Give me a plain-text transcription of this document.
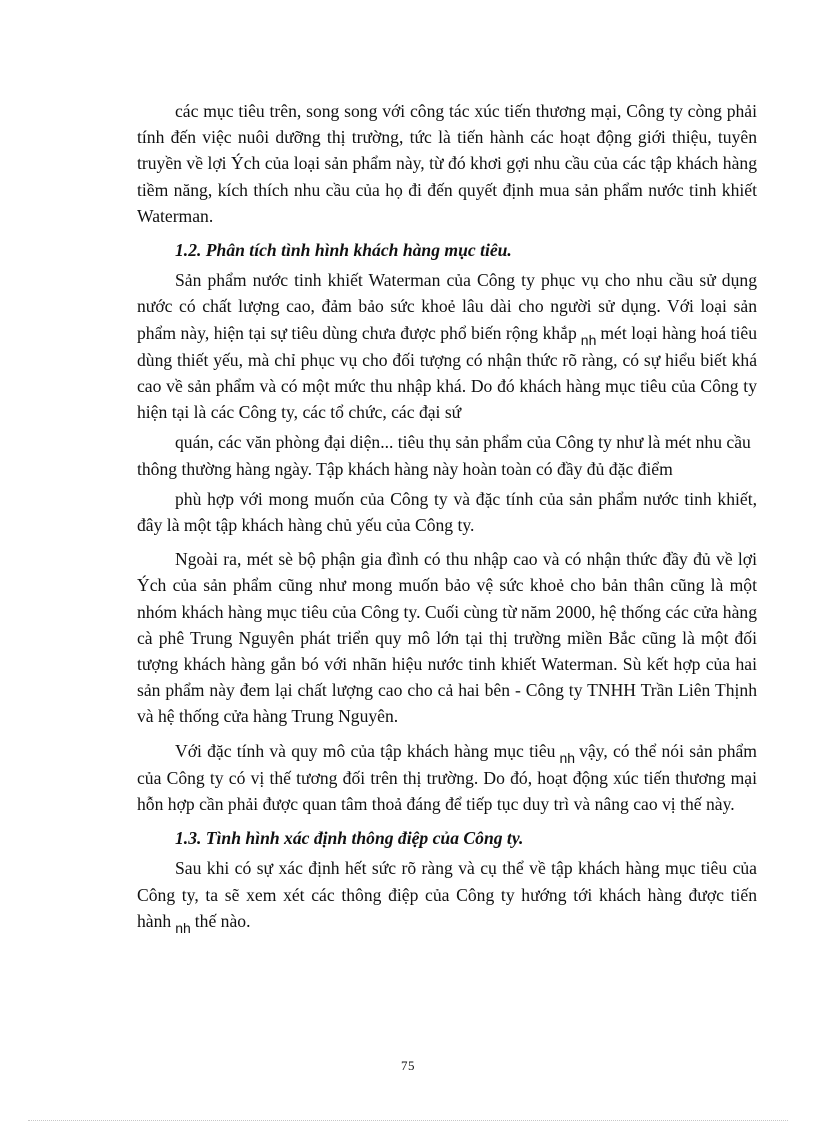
các mục tiêu trên, song song với công tác xúc tiến thương mại, Công ty còng phải tính đến việc nuôi dưỡng thị trường, tức là tiến hành các hoạt động giới thiệu, tuyên truyền về lợi Ých của loại sản phẩm này, từ đó khơi gợi nhu cầu của các tập khách hàng tiềm năng, kích thích nhu cầu của họ đi đến quyết định mua sản phẩm nước tinh khiết Waterman.

1.2. Phân tích tình hình khách hàng mục tiêu.

Sản phẩm nước tinh khiết Waterman của Công ty phục vụ cho nhu cầu sử dụng nước có chất lượng cao, đảm bảo sức khoẻ lâu dài cho người sử dụng. Với loại sản phẩm này, hiện tại sự tiêu dùng chưa được phổ biến rộng khắp $_{nh}$ mét loại hàng hoá tiêu dùng thiết yếu, mà chỉ phục vụ cho đối tượng có nhận thức rõ ràng, có sự hiểu biết khá cao về sản phẩm và có một mức thu nhập khá. Do đó khách hàng mục tiêu của Công ty hiện tại là các Công ty, các tổ chức, các đại sứ

quán, các văn phòng đại diện... tiêu thụ sản phẩm của Công ty như là mét nhu cầu thông thường hàng ngày. Tập khách hàng này hoàn toàn có đầy đủ đặc điểm

phù hợp với mong muốn của Công ty và đặc tính của sản phẩm nước tinh khiết, đây là một tập khách hàng chủ yếu của Công ty.

Ngoài ra, mét sè bộ phận gia đình có thu nhập cao và có nhận thức đầy đủ về lợi Ých của sản phẩm cũng như mong muốn bảo vệ sức khoẻ cho bản thân cũng là một nhóm khách hàng mục tiêu của Công ty. Cuối cùng từ năm 2000, hệ thống các cửa hàng cà phê Trung Nguyên phát triển quy mô lớn tại thị trường miền Bắc cũng là một đối tượng khách hàng gắn bó với nhãn hiệu nước tinh khiết Waterman. Sù kết hợp của hai sản phẩm này đem lại chất lượng cao cho cả hai bên - Công ty TNHH Trần Liên Thịnh và hệ thống cửa hàng Trung Nguyên.

Với đặc tính và quy mô của tập khách hàng mục tiêu $_{nh}$ vậy, có thể nói sản phẩm của Công ty có vị thế tương đối trên thị trường. Do đó, hoạt động xúc tiến thương mại hỗn hợp cần phải được quan tâm thoả đáng để tiếp tục duy trì và nâng cao vị thế này.

1.3. Tình hình xác định thông điệp của Công ty.

Sau khi có sự xác định hết sức rõ ràng và cụ thể về tập khách hàng mục tiêu của Công ty, ta sẽ xem xét các thông điệp của Công ty hướng tới khách hàng được tiến hành $_{nh}$ thế nào.

75
